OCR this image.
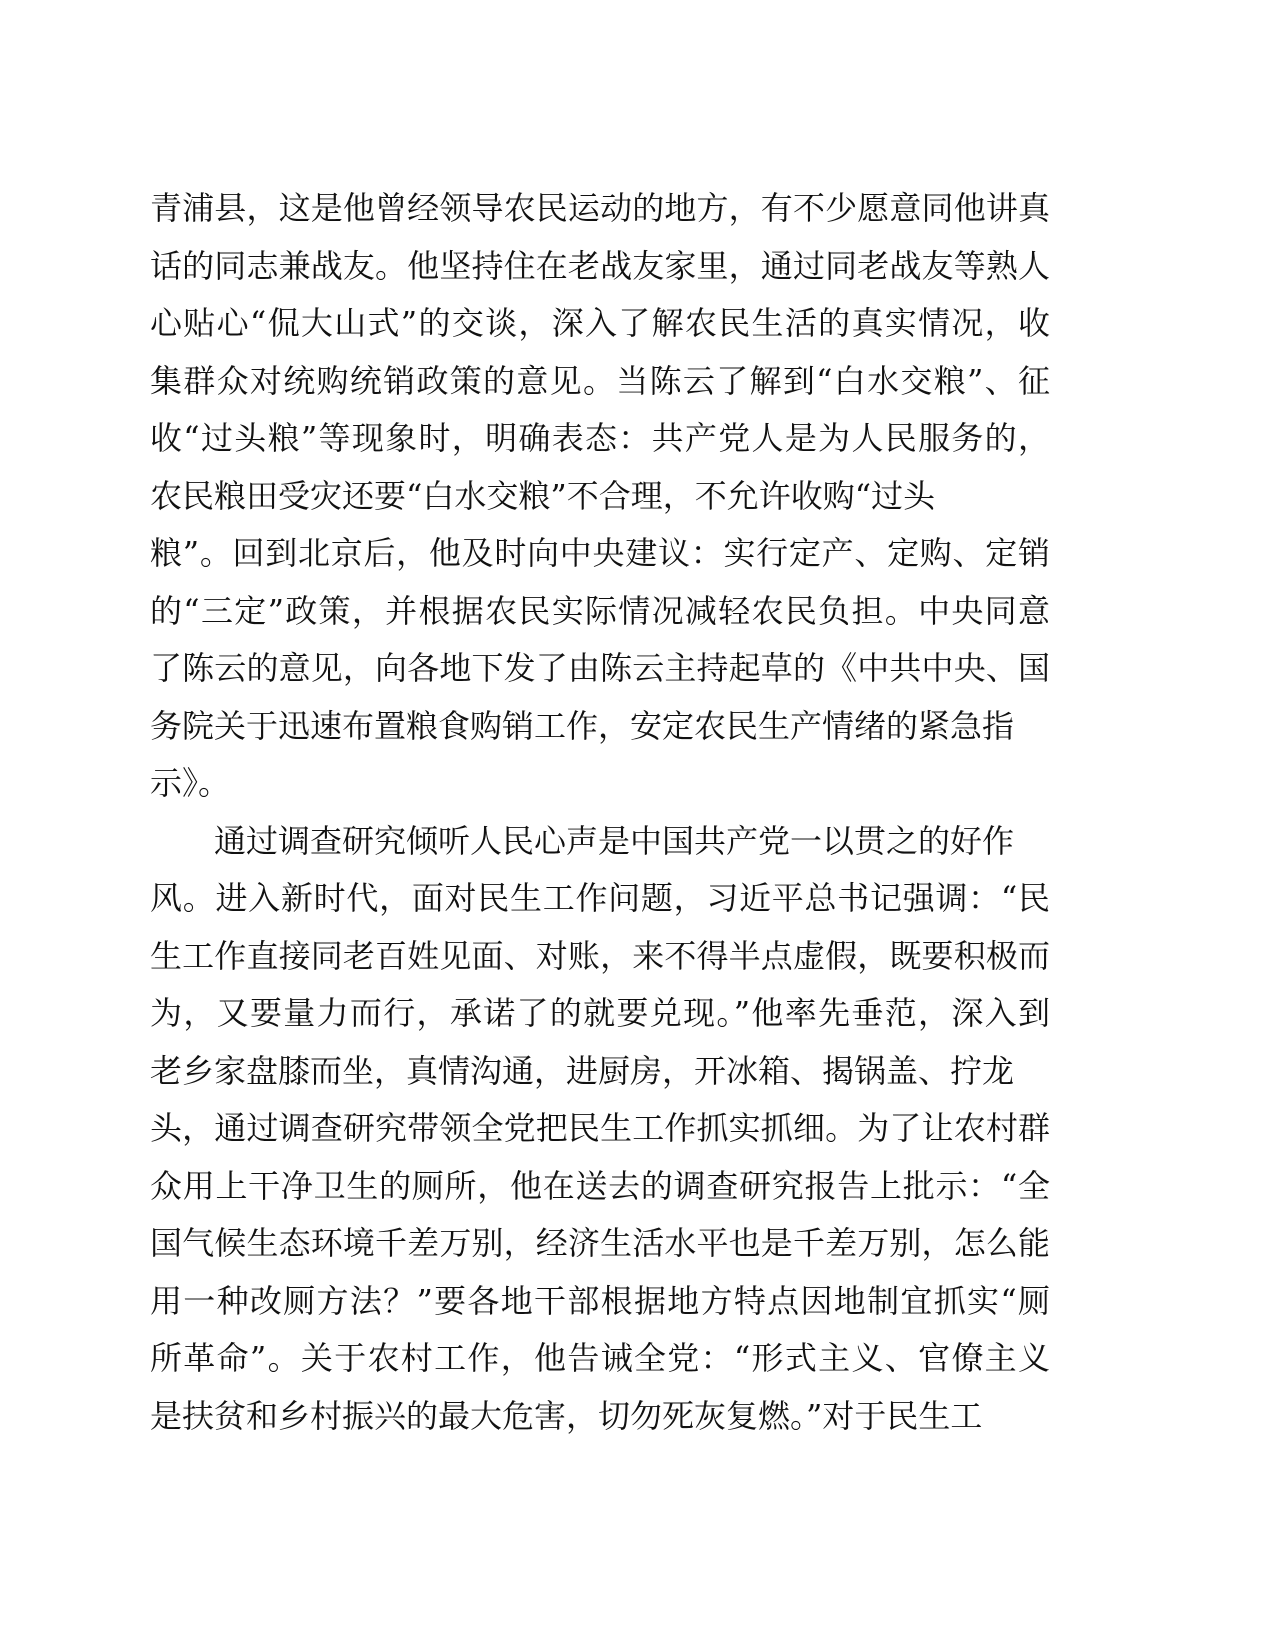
青浦县，这是他曾经领导农民运动的地方，有不少愿意同他讲真
话的同志兼战友。他坚持住在老战友家里，通过同老战友等熟人
心贴心“侃大山式”的交谈，深入了解农民生活的真实情况，收
集群众对统购统销政策的意见。当陈云了解到“白水交粮”、征
收“过头粮”等现象时，明确表态：共产党人是为人民服务的，
农民粮田受灾还要“白水交粮”不合理，不允许收购“过头
粮”。回到北京后，他及时向中央建议：实行定产、定购、定销
的“三定”政策，并根据农民实际情况减轻农民负担。中央同意
了陈云的意见，向各地下发了由陈云主持起草的《中共中央、国
务院关于迅速布置粮食购销工作，安定农民生产情绪的紧急指
示》。
通过调查研究倾听人民心声是中国共产党一以贯之的好作
风。进入新时代，面对民生工作问题，习近平总书记强调：“民
生工作直接同老百姓见面、对账，来不得半点虚假，既要积极而
为，又要量力而行，承诺了的就要兑现。”他率先垂范，深入到
老乡家盘膝而坐，真情沟通，进厨房，开冰箱、揭锅盖、拧龙
头，通过调查研究带领全党把民生工作抓实抓细。为了让农村群
众用上干净卫生的厕所，他在送去的调查研究报告上批示：“全
国气候生态环境千差万别，经济生活水平也是千差万别，怎么能
用一种改厕方法？”要各地干部根据地方特点因地制宜抓实“厕
所革命”。关于农村工作，他告诫全党：“形式主义、官僚主义
是扶贫和乡村振兴的最大危害，切勿死灰复燃。”对于民生工
